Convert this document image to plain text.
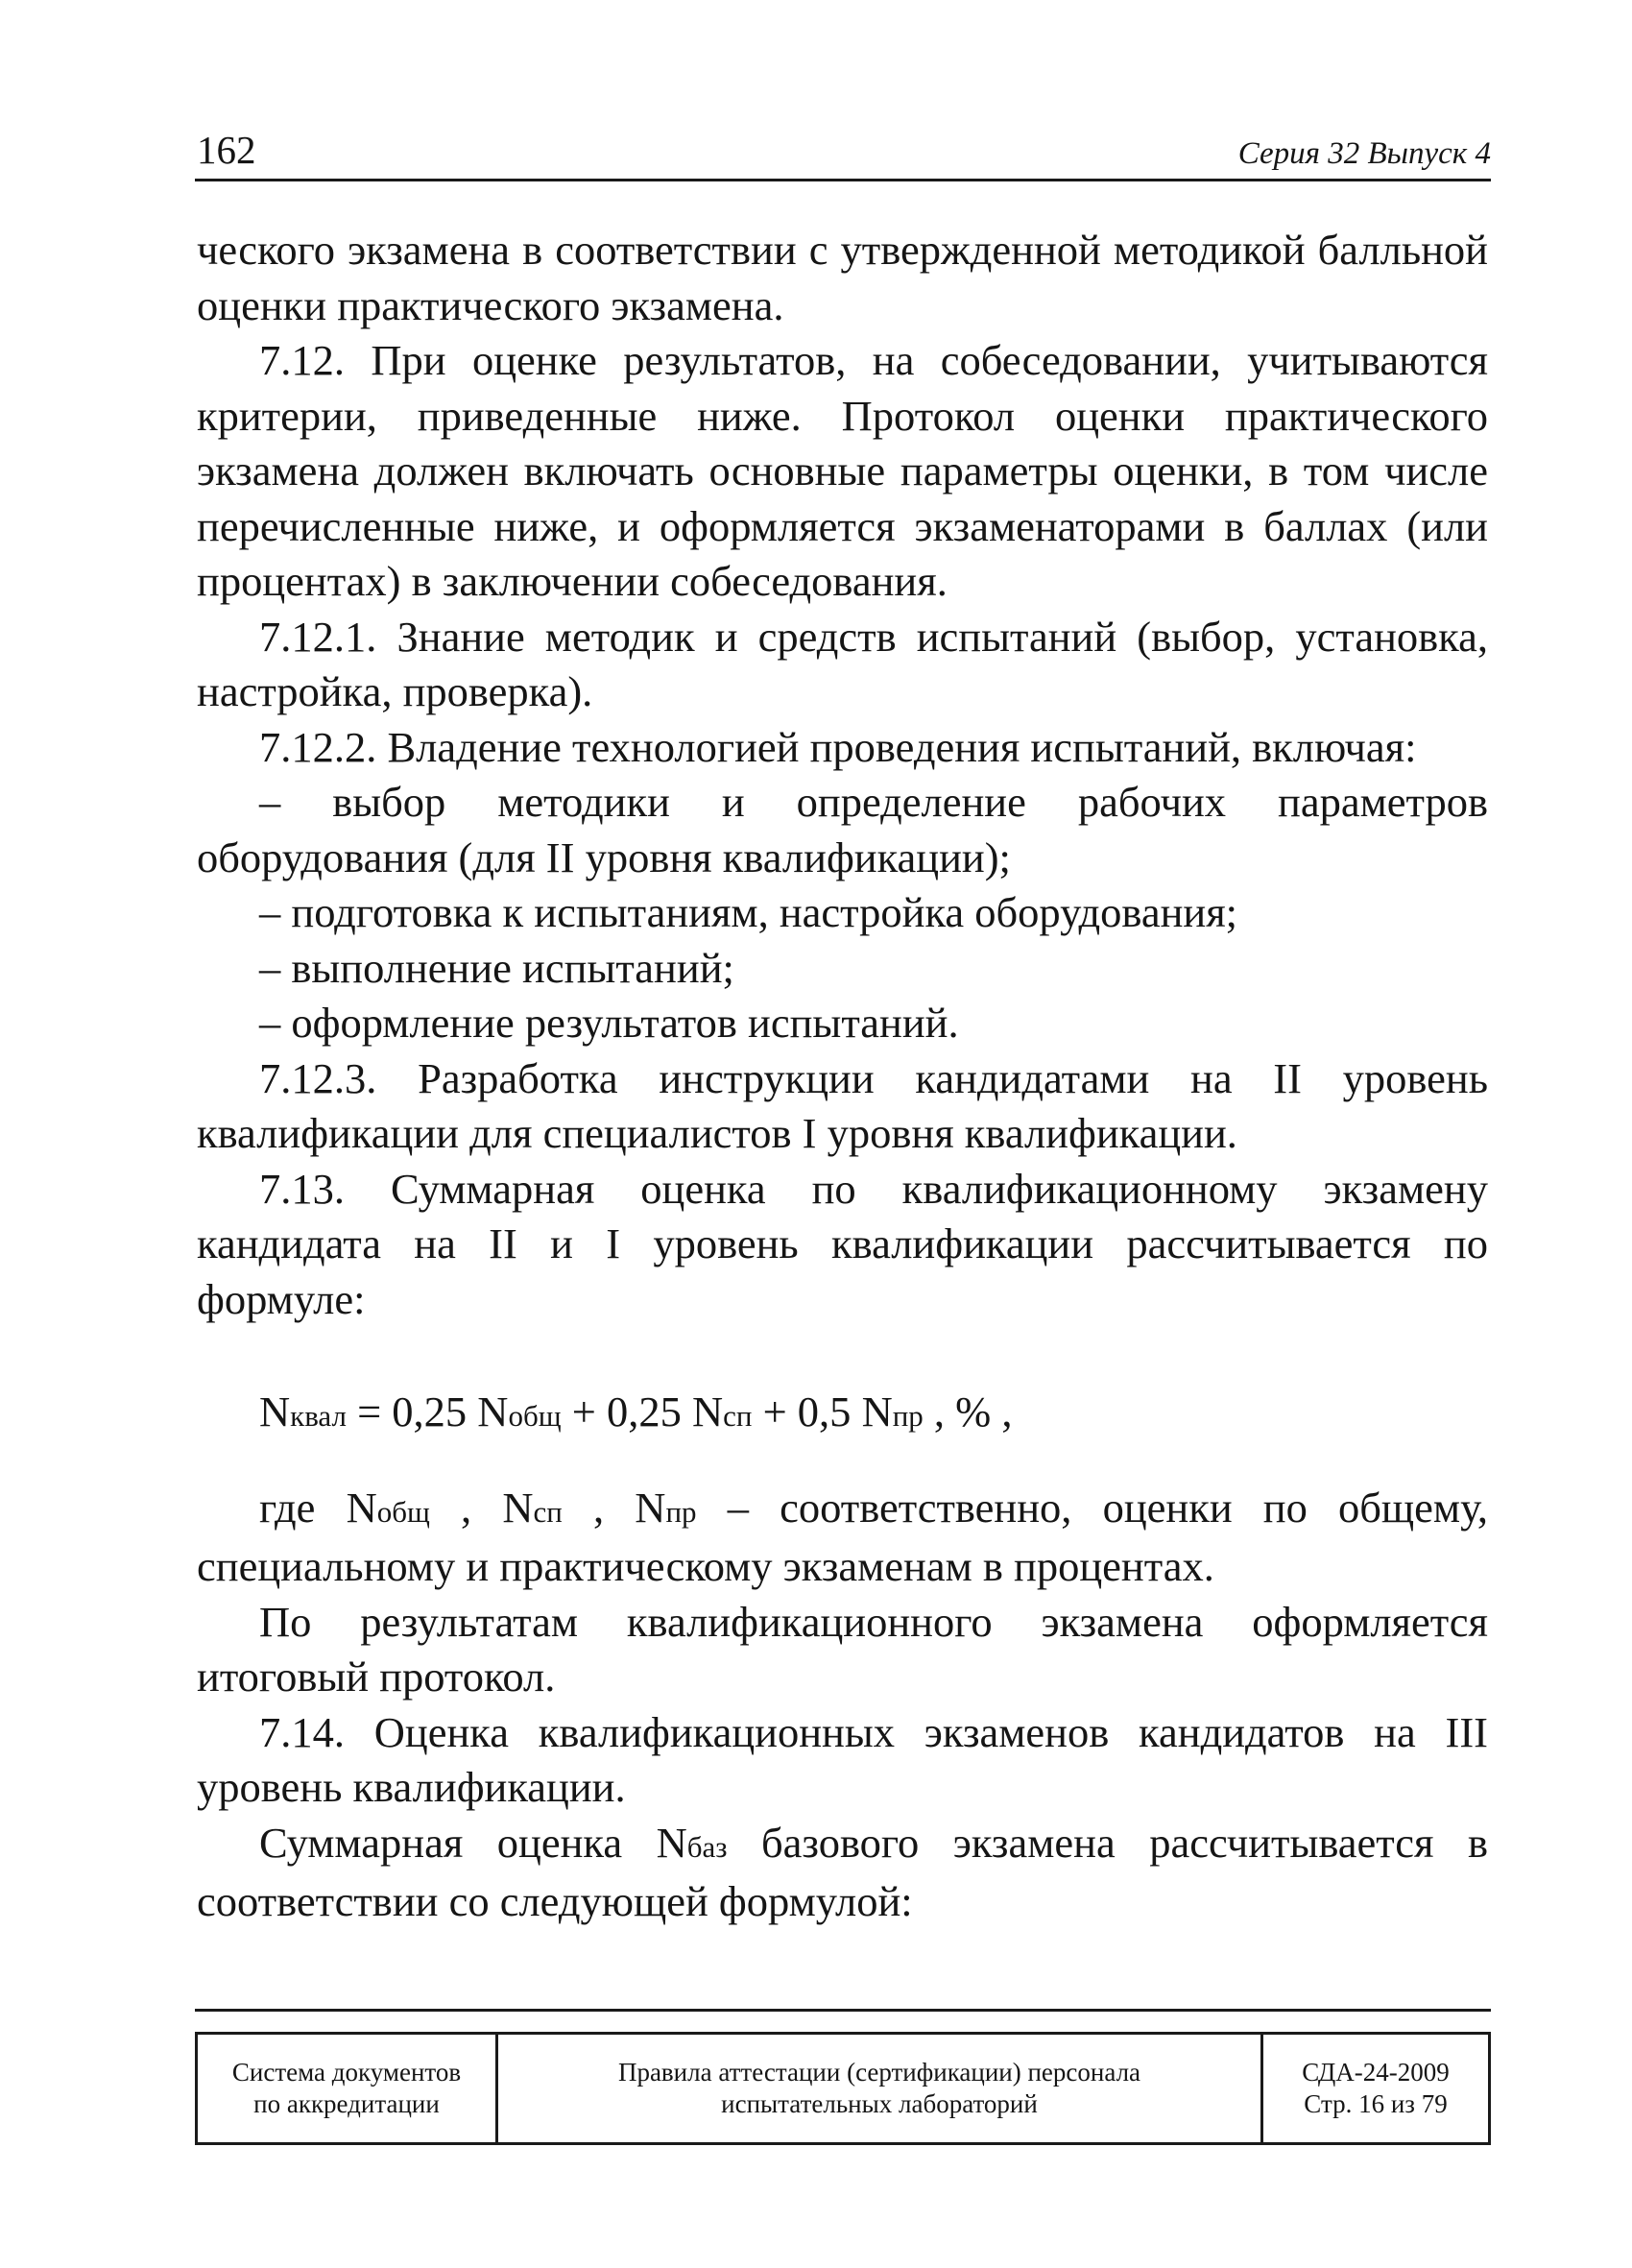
162	Серия 32 Выпуск 4

ческого экзамена в соответствии с утвержденной методикой балльной оценки практического экзамена.

7.12. При оценке результатов, на собеседовании, учитываются критерии, приведенные ниже. Протокол оценки практического экзамена должен включать основные параметры оценки, в том числе перечисленные ниже, и оформляется экзаменаторами в баллах (или процентах) в заключении собеседования.

7.12.1. Знание методик и средств испытаний (выбор, установка, настройка, проверка).

7.12.2. Владение технологией проведения испытаний, включая:

– выбор методики и определение рабочих параметров оборудования (для II уровня квалификации);

– подготовка к испытаниям, настройка оборудования;

– выполнение испытаний;

– оформление результатов испытаний.

7.12.3. Разработка инструкции кандидатами на II уровень квалификации для специалистов I уровня квалификации.

7.13. Суммарная оценка по квалификационному экзамену кандидата на II и I уровень квалификации рассчитывается по формуле:

Nквал = 0,25 Nобщ + 0,25 Nсп + 0,5 Nпр , % ,

где Nобщ , Nсп , Nпр – соответственно, оценки по общему, специальному и практическому экзаменам в процентах.

По результатам квалификационного экзамена оформляется итоговый протокол.

7.14. Оценка квалификационных экзаменов кандидатов на III уровень квалификации.

Суммарная оценка Nбаз базового экзамена рассчитывается в соответствии со следующей формулой:

Система документов
по аккредитации
Правила аттестации (сертификации) персонала
испытательных лабораторий
СДА-24-2009
Стр. 16 из 79
